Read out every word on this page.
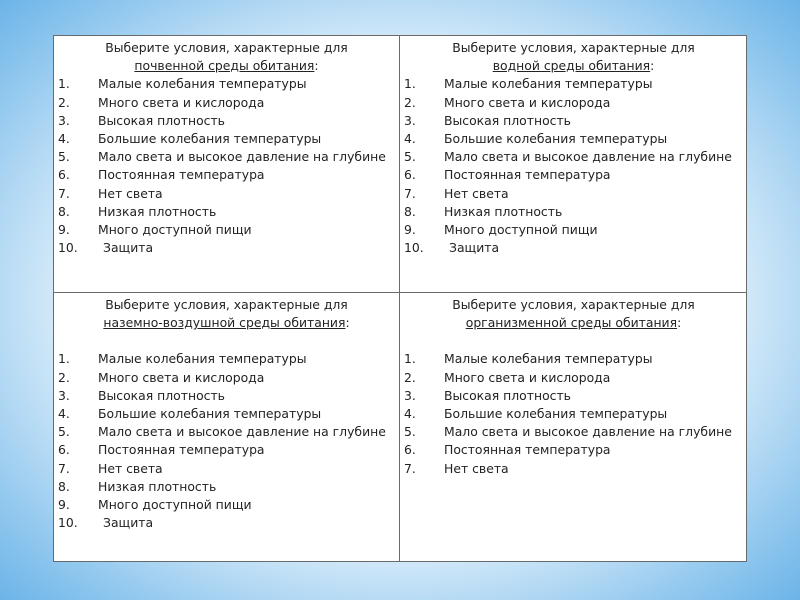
Выберите условия, характерные для
почвенной среды обитания:
1.	Малые колебания температуры
2.	Много света и кислорода
3.	Высокая плотность
4.	Большие колебания температуры
5.	Мало света и высокое давление на глубине
6.	Постоянная температура
7.	Нет света
8.	Низкая плотность
9.	Много доступной пищи
10.	Защита
Выберите условия, характерные для
водной среды обитания:
1.	Малые колебания температуры
2.	Много света и кислорода
3.	Высокая плотность
4.	Большие колебания температуры
5.	Мало света и высокое давление на глубине
6.	Постоянная температура
7.	Нет света
8.	Низкая плотность
9.	Много доступной пищи
10.	Защита
Выберите условия, характерные для
наземно-воздушной среды обитания:
1.	Малые колебания температуры
2.	Много света и кислорода
3.	Высокая плотность
4.	Большие колебания температуры
5.	Мало света и высокое давление на глубине
6.	Постоянная температура
7.	Нет света
8.	Низкая плотность
9.	Много доступной пищи
10.	Защита
Выберите условия, характерные для
организменной среды обитания:
1.	Малые колебания температуры
2.	Много света и кислорода
3.	Высокая плотность
4.	Большие колебания температуры
5.	Мало света и высокое давление на глубине
6.	Постоянная температура
7.	Нет света
